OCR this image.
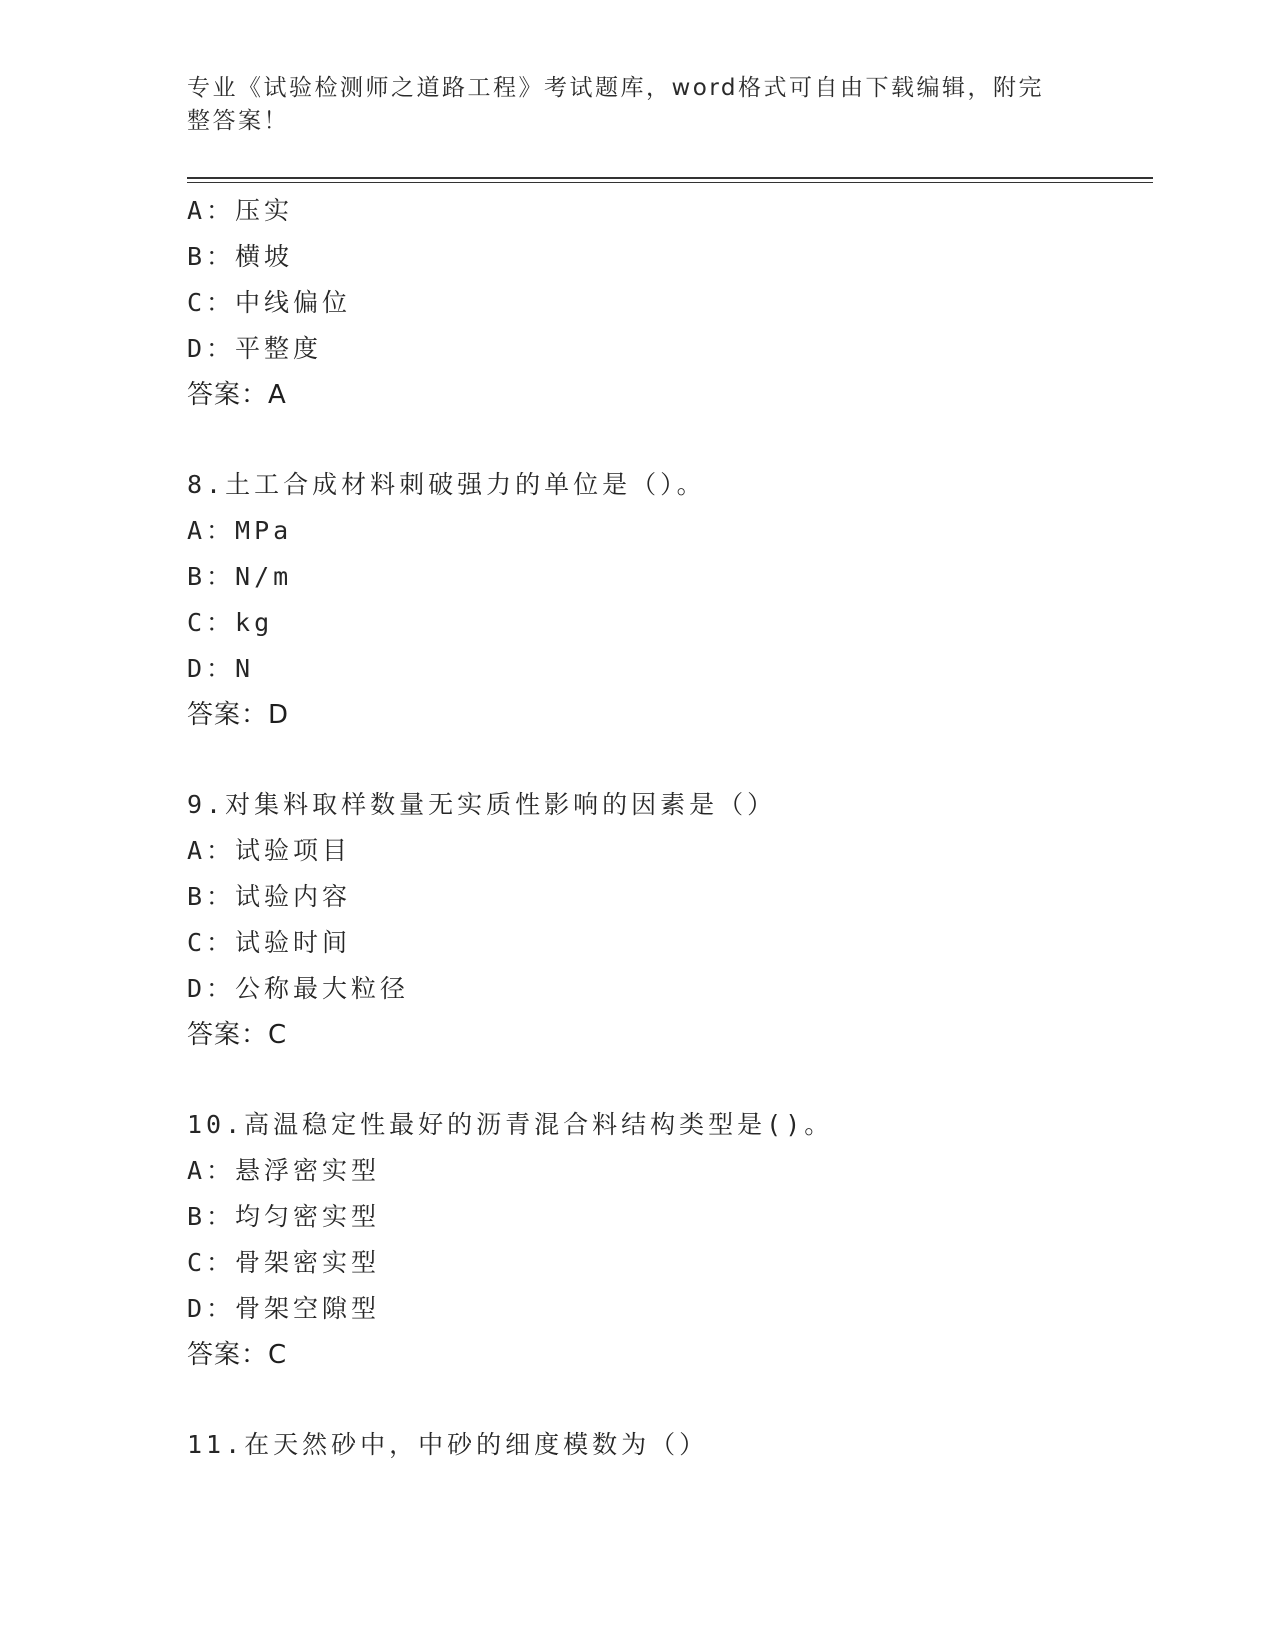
专业《试验检测师之道路工程》考试题库，word格式可自由下载编辑，附完整答案！
A：压实
B：横坡
C：中线偏位
D：平整度
答案：A
8.土工合成材料刺破强力的单位是（）。
A：MPa
B：N/m
C：kg
D：N
答案：D
9.对集料取样数量无实质性影响的因素是（）
A：试验项目
B：试验内容
C：试验时间
D：公称最大粒径
答案：C
10.高温稳定性最好的沥青混合料结构类型是()。
A：悬浮密实型
B：均匀密实型
C：骨架密实型
D：骨架空隙型
答案：C
11.在天然砂中，中砂的细度模数为（）
